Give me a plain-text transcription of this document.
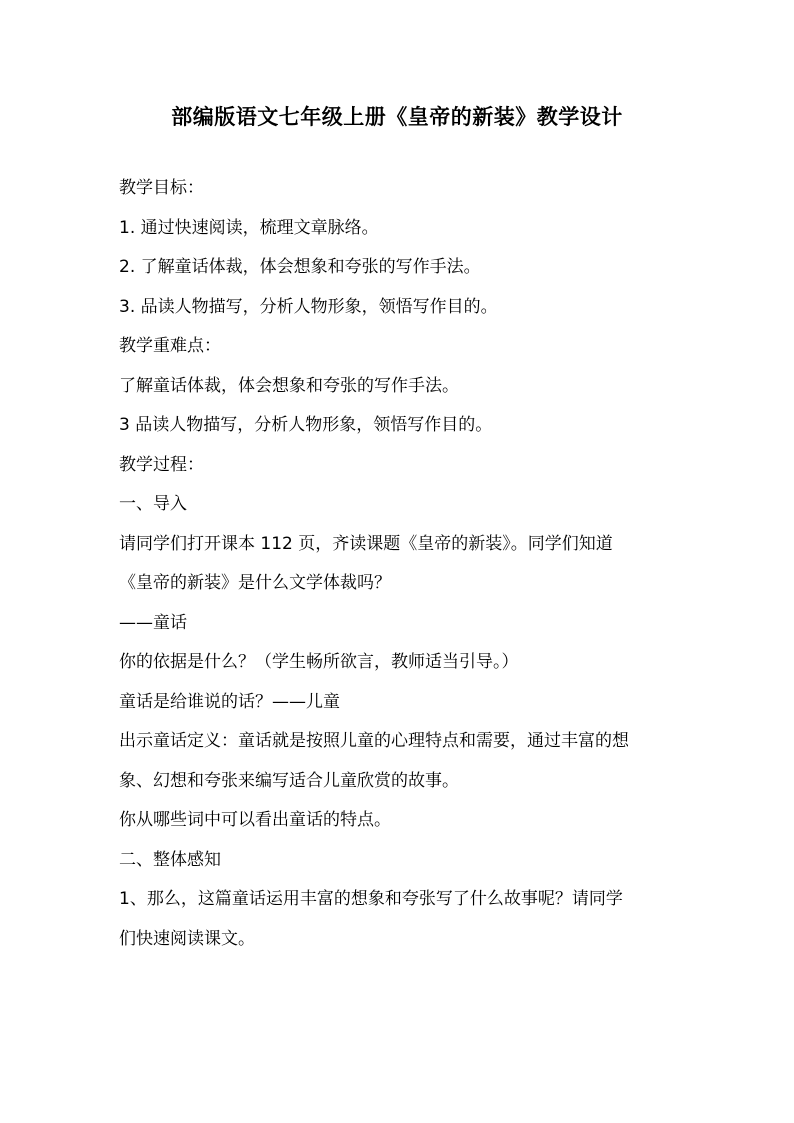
部编版语文七年级上册《皇帝的新装》教学设计

教学目标：

1. 通过快速阅读，梳理文章脉络。

2. 了解童话体裁，体会想象和夸张的写作手法。

3. 品读人物描写，分析人物形象，领悟写作目的。

教学重难点：

了解童话体裁，体会想象和夸张的写作手法。

3 品读人物描写，分析人物形象，领悟写作目的。

教学过程：

一、导入

请同学们打开课本 112 页，齐读课题《皇帝的新装》。同学们知道
《皇帝的新装》是什么文学体裁吗？

——童话

你的依据是什么？（学生畅所欲言，教师适当引导。）

童话是给谁说的话？——儿童

出示童话定义：童话就是按照儿童的心理特点和需要，通过丰富的想
象、幻想和夸张来编写适合儿童欣赏的故事。

你从哪些词中可以看出童话的特点。

二、整体感知

1、那么，这篇童话运用丰富的想象和夸张写了什么故事呢？请同学
们快速阅读课文。
